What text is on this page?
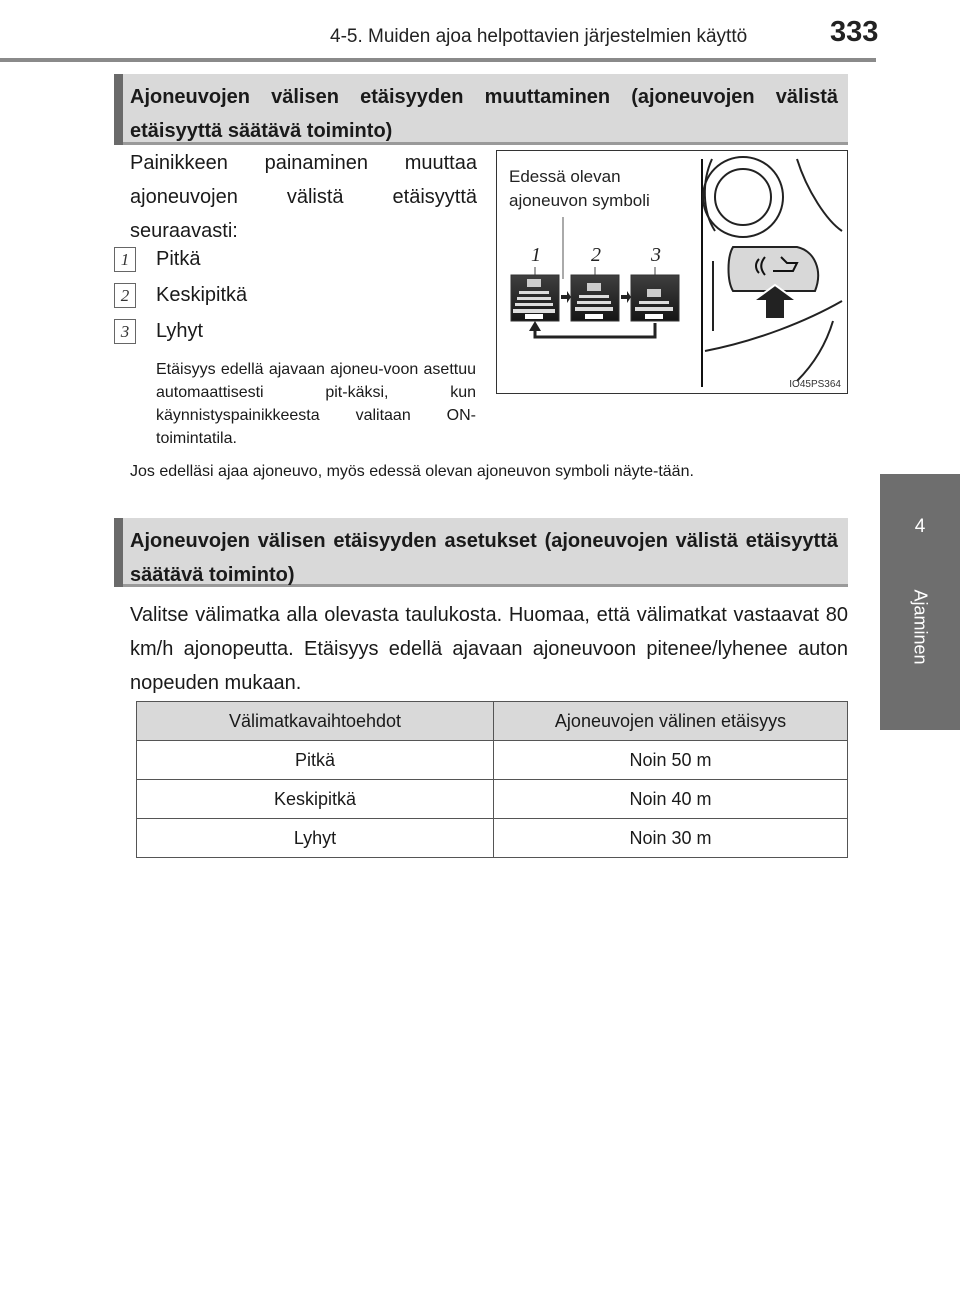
4-5. Muiden ajoa helpottavien järjestelmien käyttö	333
4
Ajaminen
Ajoneuvojen välisen etäisyyden muuttaminen (ajoneuvojen välistä etäisyyttä säätävä toiminto)
Painikkeen painaminen muuttaa
ajoneuvojen välistä etäisyyttä
seuraavasti:
1	Pitkä
2	Keskipitkä
3	Lyhyt
Etäisyys edellä ajavaan ajoneu-voon asettuu automaattisesti pit-käksi, kun käynnistyspainikkeesta valitaan ON-toimintatila.
Edessä olevan
ajoneuvon symboli
1	2	3
IO45PS364
Jos edelläsi ajaa ajoneuvo, myös edessä olevan ajoneuvon symboli näyte-tään.
Ajoneuvojen välisen etäisyyden asetukset (ajoneuvojen välistä etäisyyttä säätävä toiminto)
Valitse välimatka alla olevasta taulukosta. Huomaa, että välimatkat vastaavat 80 km/h ajonopeutta. Etäisyys edellä ajavaan ajoneuvoon pitenee/lyhenee auton nopeuden mukaan.
Välimatkavaihtoehdot	Ajoneuvojen välinen etäisyys
Pitkä	Noin 50 m
Keskipitkä	Noin 40 m
Lyhyt	Noin 30 m
